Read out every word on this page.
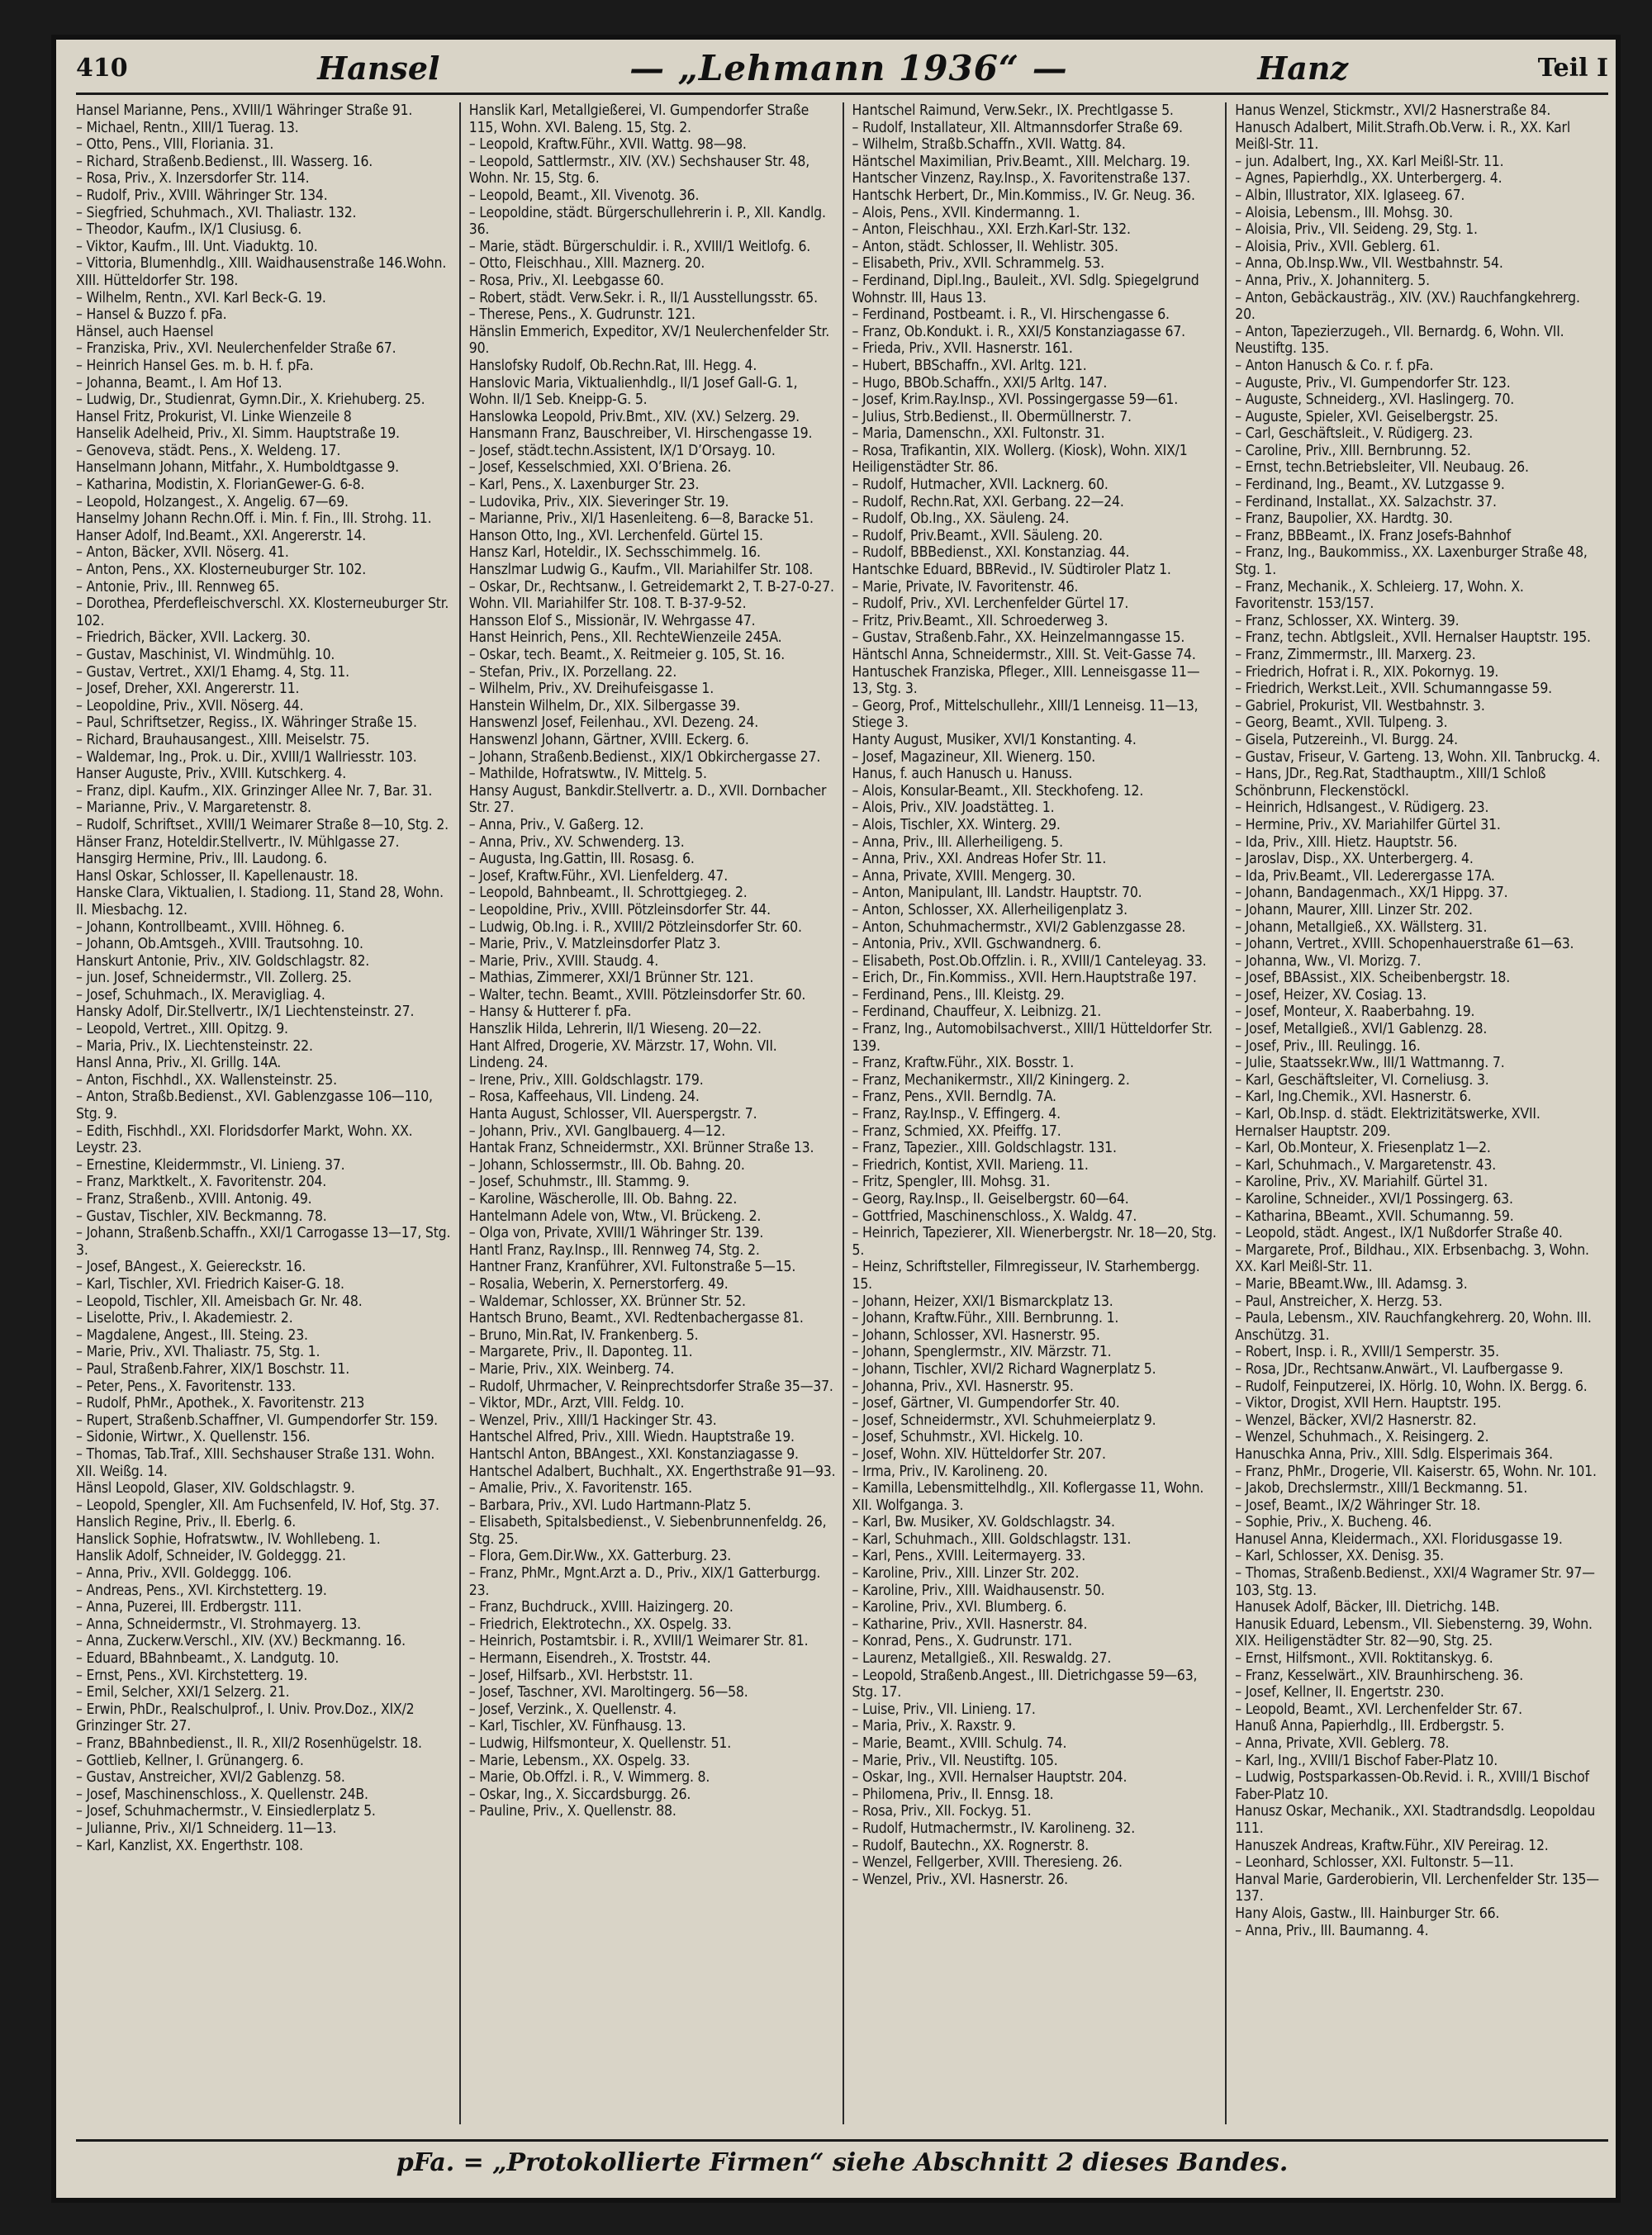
410	Hansel	— „Lehmann 1936“ —	Hanz	Teil I

Hansel Marianne, Pens., XVIII/1 Währinger Straße 91.

– Michael, Rentn., XIII/1 Tuerag. 13.

– Otto, Pens., VIII, Floriania. 31.

– Richard, Straßenb.Bedienst., III. Wasserg. 16.

– Rosa, Priv., X. Inzersdorfer Str. 114.

– Rudolf, Priv., XVIII. Währinger Str. 134.

– Siegfried, Schuhmach., XVI. Thaliastr. 132.

– Theodor, Kaufm., IX/1 Clusiusg. 6.

– Viktor, Kaufm., III. Unt. Viaduktg. 10.

– Vittoria, Blumenhdlg., XIII. Waidhausenstraße 146.Wohn. XIII. Hütteldorfer Str. 198.

– Wilhelm, Rentn., XVI. Karl Beck-G. 19.

– Hansel & Buzzo f. pFa.

Hänsel, auch Haensel

– Franziska, Priv., XVI. Neulerchenfelder Straße 67.

– Heinrich Hansel Ges. m. b. H. f. pFa.

– Johanna, Beamt., I. Am Hof 13.

– Ludwig, Dr., Studienrat, Gymn.Dir., X. Kriehuberg. 25.

Hansel Fritz, Prokurist, VI. Linke Wienzeile 8

Hanselik Adelheid, Priv., XI. Simm. Hauptstraße 19.

– Genoveva, städt. Pens., X. Weldeng. 17.

Hanselmann Johann, Mitfahr., X. Humboldtgasse 9.

– Katharina, Modistin, X. FlorianGewer-G. 6-8.

– Leopold, Holzangest., X. Angelig. 67—69.

Hanselmy Johann Rechn.Off. i. Min. f. Fin., III. Strohg. 11.

Hanser Adolf, Ind.Beamt., XXI. Angererstr. 14.

– Anton, Bäcker, XVII. Nöserg. 41.

– Anton, Pens., XX. Klosterneuburger Str. 102.

– Antonie, Priv., III. Rennweg 65.

– Dorothea, Pferdefleischverschl. XX. Klosterneuburger Str. 102.

– Friedrich, Bäcker, XVII. Lackerg. 30.

– Gustav, Maschinist, VI. Windmühlg. 10.

– Gustav, Vertret., XXI/1 Ehamg. 4, Stg. 11.

– Josef, Dreher, XXI. Angererstr. 11.

– Leopoldine, Priv., XVII. Nöserg. 44.

– Paul, Schriftsetzer, Regiss., IX. Währinger Straße 15.

– Richard, Brauhausangest., XIII. Meiselstr. 75.

– Waldemar, Ing., Prok. u. Dir., XVIII/1 Wallriesstr. 103.

Hanser Auguste, Priv., XVIII. Kutschkerg. 4.

– Franz, dipl. Kaufm., XIX. Grinzinger Allee Nr. 7, Bar. 31.

– Marianne, Priv., V. Margaretenstr. 8.

– Rudolf, Schriftset., XVIII/1 Weimarer Straße 8—10, Stg. 2.

Hänser Franz, Hoteldir.Stellvertr., IV. Mühlgasse 27.

Hansgirg Hermine, Priv., III. Laudong. 6.

Hansl Oskar, Schlosser, II. Kapellenaustr. 18.

Hanske Clara, Viktualien, I. Stadiong. 11, Stand 28, Wohn. II. Miesbachg. 12.

– Johann, Kontrollbeamt., XVIII. Höhneg. 6.

– Johann, Ob.Amtsgeh., XVIII. Trautsohng. 10.

Hanskurt Antonie, Priv., XIV. Goldschlagstr. 82.

– jun. Josef, Schneidermstr., VII. Zollerg. 25.

– Josef, Schuhmach., IX. Meravigliag. 4.

Hansky Adolf, Dir.Stellvertr., IX/1 Liechtensteinstr. 27.

– Leopold, Vertret., XIII. Opitzg. 9.

– Maria, Priv., IX. Liechtensteinstr. 22.

Hansl Anna, Priv., XI. Grillg. 14A.

– Anton, Fischhdl., XX. Wallensteinstr. 25.

– Anton, Straßb.Bedienst., XVI. Gablenzgasse 106—110, Stg. 9.

– Edith, Fischhdl., XXI. Floridsdorfer Markt, Wohn. XX. Leystr. 23.

– Ernestine, Kleidermmstr., VI. Linieng. 37.

– Franz, Marktkelt., X. Favoritenstr. 204.

– Franz, Straßenb., XVIII. Antonig. 49.

– Gustav, Tischler, XIV. Beckmanng. 78.

– Johann, Straßenb.Schaffn., XXI/1 Carrogasse 13—17, Stg. 3.

– Josef, BAngest., X. Geiereckstr. 16.

– Karl, Tischler, XVI. Friedrich Kaiser-G. 18.

– Leopold, Tischler, XII. Ameisbach Gr. Nr. 48.

– Liselotte, Priv., I. Akademiestr. 2.

– Magdalene, Angest., III. Steing. 23.

– Marie, Priv., XVI. Thaliastr. 75, Stg. 1.

– Paul, Straßenb.Fahrer, XIX/1 Boschstr. 11.

– Peter, Pens., X. Favoritenstr. 133.

– Rudolf, PhMr., Apothek., X. Favoritenstr. 213

– Rupert, Straßenb.Schaffner, VI. Gumpendorfer Str. 159.

– Sidonie, Wirtwr., X. Quellenstr. 156.

– Thomas, Tab.Traf., XIII. Sechshauser Straße 131. Wohn. XII. Weißg. 14.

Hänsl Leopold, Glaser, XIV. Goldschlagstr. 9.

– Leopold, Spengler, XII. Am Fuchsenfeld, IV. Hof, Stg. 37.

Hanslich Regine, Priv., II. Eberlg. 6.

Hanslick Sophie, Hofratswtw., IV. Wohllebeng. 1.

Hanslik Adolf, Schneider, IV. Goldeggg. 21.

– Anna, Priv., XVII. Goldeggg. 106.

– Andreas, Pens., XVI. Kirchstetterg. 19.

– Anna, Puzerei, III. Erdbergstr. 111.

– Anna, Schneidermstr., VI. Strohmayerg. 13.

– Anna, Zuckerw.Verschl., XIV. (XV.) Beckmanng. 16.

– Eduard, BBahnbeamt., X. Landgutg. 10.

– Ernst, Pens., XVI. Kirchstetterg. 19.

– Emil, Selcher, XXI/1 Selzerg. 21.

– Erwin, PhDr., Realschulprof., I. Univ. Prov.Doz., XIX/2 Grinzinger Str. 27.

– Franz, BBahnbedienst., II. R., XII/2 Rosenhügelstr. 18.

– Gottlieb, Kellner, I. Grünangerg. 6.

– Gustav, Anstreicher, XVI/2 Gablenzg. 58.

– Josef, Maschinenschloss., X. Quellenstr. 24B.

– Josef, Schuhmachermstr., V. Einsiedlerplatz 5.

– Julianne, Priv., XI/1 Schneiderg. 11—13.

– Karl, Kanzlist, XX. Engerthstr. 108.

Hanslik Karl, Metallgießerei, VI. Gumpendorfer Straße 115, Wohn. XVI. Baleng. 15, Stg. 2.

– Leopold, Kraftw.Führ., XVII. Wattg. 98—98.

– Leopold, Sattlermstr., XIV. (XV.) Sechshauser Str. 48, Wohn. Nr. 15, Stg. 6.

– Leopold, Beamt., XII. Vivenotg. 36.

– Leopoldine, städt. Bürgerschullehrerin i. P., XII. Kandlg. 36.

– Marie, städt. Bürgerschuldir. i. R., XVIII/1 Weitlofg. 6.

– Otto, Fleischhau., XIII. Maznerg. 20.

– Rosa, Priv., XI. Leebgasse 60.

– Robert, städt. Verw.Sekr. i. R., II/1 Ausstellungsstr. 65.

– Therese, Pens., X. Gudrunstr. 121.

Hänslin Emmerich, Expeditor, XV/1 Neulerchenfelder Str. 90.

Hanslofsky Rudolf, Ob.Rechn.Rat, III. Hegg. 4.

Hanslovic Maria, Viktualienhdlg., II/1 Josef Gall-G. 1, Wohn. II/1 Seb. Kneipp-G. 5.

Hanslowka Leopold, Priv.Bmt., XIV. (XV.) Selzerg. 29.

Hansmann Franz, Bauschreiber, VI. Hirschengasse 19.

– Josef, städt.techn.Assistent, IX/1 D’Orsayg. 10.

– Josef, Kesselschmied, XXI. O’Briena. 26.

– Karl, Pens., X. Laxenburger Str. 23.

– Ludovika, Priv., XIX. Sieveringer Str. 19.

– Marianne, Priv., XI/1 Hasenleiteng. 6—8, Baracke 51.

Hanson Otto, Ing., XVI. Lerchenfeld. Gürtel 15.

Hansz Karl, Hoteldir., IX. Sechsschimmelg. 16.

Hanszlmar Ludwig G., Kaufm., VII. Mariahilfer Str. 108.

– Oskar, Dr., Rechtsanw., I. Getreidemarkt 2, T. B-27-0-27. Wohn. VII. Mariahilfer Str. 108. T. B-37-9-52.

Hansson Elof S., Missionär, IV. Wehrgasse 47.

Hanst Heinrich, Pens., XII. RechteWienzeile 245A.

– Oskar, tech. Beamt., X. Reitmeier g. 105, St. 16.

– Stefan, Priv., IX. Porzellang. 22.

– Wilhelm, Priv., XV. Dreihufeisgasse 1.

Hanstein Wilhelm, Dr., XIX. Silbergasse 39.

Hanswenzl Josef, Feilenhau., XVI. Dezeng. 24.

Hanswenzl Johann, Gärtner, XVIII. Eckerg. 6.

– Johann, Straßenb.Bedienst., XIX/1 Obkirchergasse 27.

– Mathilde, Hofratswtw., IV. Mittelg. 5.

Hansy August, Bankdir.Stellvertr. a. D., XVII. Dornbacher Str. 27.

– Anna, Priv., V. Gaßerg. 12.

– Anna, Priv., XV. Schwenderg. 13.

– Augusta, Ing.Gattin, III. Rosasg. 6.

– Josef, Kraftw.Führ., XVI. Lienfelderg. 47.

– Leopold, Bahnbeamt., II. Schrottgiegeg. 2.

– Leopoldine, Priv., XVIII. Pötzleinsdorfer Str. 44.

– Ludwig, Ob.Ing. i. R., XVIII/2 Pötzleinsdorfer Str. 60.

– Marie, Priv., V. Matzleinsdorfer Platz 3.

– Marie, Priv., XVIII. Staudg. 4.

– Mathias, Zimmerer, XXI/1 Brünner Str. 121.

– Walter, techn. Beamt., XVIII. Pötzleinsdorfer Str. 60.

– Hansy & Hutterer f. pFa.

Hanszlik Hilda, Lehrerin, II/1 Wieseng. 20—22.

Hant Alfred, Drogerie, XV. Märzstr. 17, Wohn. VII. Lindeng. 24.

– Irene, Priv., XIII. Goldschlagstr. 179.

– Rosa, Kaffeehaus, VII. Lindeng. 24.

Hanta August, Schlosser, VII. Auerspergstr. 7.

– Johann, Priv., XVI. Ganglbauerg. 4—12.

Hantak Franz, Schneidermstr., XXI. Brünner Straße 13.

– Johann, Schlossermstr., III. Ob. Bahng. 20.

– Josef, Schuhmstr., III. Stammg. 9.

– Karoline, Wäscherolle, III. Ob. Bahng. 22.

Hantelmann Adele von, Wtw., VI. Brückeng. 2.

– Olga von, Private, XVIII/1 Währinger Str. 139.

Hantl Franz, Ray.Insp., III. Rennweg 74, Stg. 2.

Hantner Franz, Kranführer, XVI. Fultonstraße 5—15.

– Rosalia, Weberin, X. Pernerstorferg. 49.

– Waldemar, Schlosser, XX. Brünner Str. 52.

Hantsch Bruno, Beamt., XVI. Redtenbachergasse 81.

– Bruno, Min.Rat, IV. Frankenberg. 5.

– Margarete, Priv., II. Daponteg. 11.

– Marie, Priv., XIX. Weinberg. 74.

– Rudolf, Uhrmacher, V. Reinprechtsdorfer Straße 35—37.

– Viktor, MDr., Arzt, VIII. Feldg. 10.

– Wenzel, Priv., XIII/1 Hackinger Str. 43.

Hantschel Alfred, Priv., XIII. Wiedn. Hauptstraße 19.

Hantschl Anton, BBAngest., XXI. Konstanziagasse 9.

Hantschel Adalbert, Buchhalt., XX. Engerthstraße 91—93.

– Amalie, Priv., X. Favoritenstr. 165.

– Barbara, Priv., XVI. Ludo Hartmann-Platz 5.

– Elisabeth, Spitalsbedienst., V. Siebenbrunnenfeldg. 26, Stg. 25.

– Flora, Gem.Dir.Ww., XX. Gatterburg. 23.

– Franz, PhMr., Mgnt.Arzt a. D., Priv., XIX/1 Gatterburgg. 23.

– Franz, Buchdruck., XVIII. Haizingerg. 20.

– Friedrich, Elektrotechn., XX. Ospelg. 33.

– Heinrich, Postamtsbir. i. R., XVIII/1 Weimarer Str. 81.

– Hermann, Eisendreh., X. Troststr. 44.

– Josef, Hilfsarb., XVI. Herbststr. 11.

– Josef, Taschner, XVI. Maroltingerg. 56—58.

– Josef, Verzink., X. Quellenstr. 4.

– Karl, Tischler, XV. Fünfhausg. 13.

– Ludwig, Hilfsmonteur, X. Quellenstr. 51.

– Marie, Lebensm., XX. Ospelg. 33.

– Marie, Ob.Offzl. i. R., V. Wimmerg. 8.

– Oskar, Ing., X. Siccardsburgg. 26.

– Pauline, Priv., X. Quellenstr. 88.

Hantschel Raimund, Verw.Sekr., IX. Prechtlgasse 5.

– Rudolf, Installateur, XII. Altmannsdorfer Straße 69.

– Wilhelm, Straßb.Schaffn., XVII. Wattg. 84.

Häntschel Maximilian, Priv.Beamt., XIII. Melcharg. 19.

Hantscher Vinzenz, Ray.Insp., X. Favoritenstraße 137.

Hantschk Herbert, Dr., Min.Kommiss., IV. Gr. Neug. 36.

– Alois, Pens., XVII. Kindermanng. 1.

– Anton, Fleischhau., XXI. Erzh.Karl-Str. 132.

– Anton, städt. Schlosser, II. Wehlistr. 305.

– Elisabeth, Priv., XVII. Schrammelg. 53.

– Ferdinand, Dipl.Ing., Bauleit., XVI. Sdlg. Spiegelgrund Wohnstr. III, Haus 13.

– Ferdinand, Postbeamt. i. R., VI. Hirschengasse 6.

– Franz, Ob.Kondukt. i. R., XXI/5 Konstanziagasse 67.

– Frieda, Priv., XVII. Hasnerstr. 161.

– Hubert, BBSchaffn., XVI. Arltg. 121.

– Hugo, BBOb.Schaffn., XXI/5 Arltg. 147.

– Josef, Krim.Ray.Insp., XVI. Possingergasse 59—61.

– Julius, Strb.Bedienst., II. Obermüllnerstr. 7.

– Maria, Damenschn., XXI. Fultonstr. 31.

– Rosa, Trafikantin, XIX. Wollerg. (Kiosk), Wohn. XIX/1 Heiligenstädter Str. 86.

– Rudolf, Hutmacher, XVII. Lacknerg. 60.

– Rudolf, Rechn.Rat, XXI. Gerbang. 22—24.

– Rudolf, Ob.Ing., XX. Säuleng. 24.

– Rudolf, Priv.Beamt., XVII. Säuleng. 20.

– Rudolf, BBBedienst., XXI. Konstanziag. 44.

Hantschke Eduard, BBRevid., IV. Südtiroler Platz 1.

– Marie, Private, IV. Favoritenstr. 46.

– Rudolf, Priv., XVI. Lerchenfelder Gürtel 17.

– Fritz, Priv.Beamt., XII. Schroederweg 3.

– Gustav, Straßenb.Fahr., XX. Heinzelmanngasse 15.

Häntschl Anna, Schneidermstr., XIII. St. Veit-Gasse 74.

Hantuschek Franziska, Pfleger., XIII. Lenneisgasse 11—13, Stg. 3.

– Georg, Prof., Mittelschullehr., XIII/1 Lenneisg. 11—13, Stiege 3.

Hanty August, Musiker, XVI/1 Konstanting. 4.

– Josef, Magazineur, XII. Wienerg. 150.

Hanus, f. auch Hanusch u. Hanuss.

– Alois, Konsular-Beamt., XII. Steckhofeng. 12.

– Alois, Priv., XIV. Joadstätteg. 1.

– Alois, Tischler, XX. Winterg. 29.

– Anna, Priv., III. Allerheiligeng. 5.

– Anna, Priv., XXI. Andreas Hofer Str. 11.

– Anna, Private, XVIII. Mengerg. 30.

– Anton, Manipulant, III. Landstr. Hauptstr. 70.

– Anton, Schlosser, XX. Allerheiligenplatz 3.

– Anton, Schuhmachermstr., XVI/2 Gablenzgasse 28.

– Antonia, Priv., XVII. Gschwandnerg. 6.

– Elisabeth, Post.Ob.Offzlin. i. R., XVIII/1 Canteleyag. 33.

– Erich, Dr., Fin.Kommiss., XVII. Hern.Hauptstraße 197.

– Ferdinand, Pens., III. Kleistg. 29.

– Ferdinand, Chauffeur, X. Leibnizg. 21.

– Franz, Ing., Automobilsachverst., XIII/1 Hütteldorfer Str. 139.

– Franz, Kraftw.Führ., XIX. Bosstr. 1.

– Franz, Mechanikermstr., XII/2 Kiningerg. 2.

– Franz, Pens., XVII. Berndlg. 7A.

– Franz, Ray.Insp., V. Effingerg. 4.

– Franz, Schmied, XX. Pfeiffg. 17.

– Franz, Tapezier., XIII. Goldschlagstr. 131.

– Friedrich, Kontist, XVII. Marieng. 11.

– Fritz, Spengler, III. Mohsg. 31.

– Georg, Ray.Insp., II. Geiselbergstr. 60—64.

– Gottfried, Maschinenschloss., X. Waldg. 47.

– Heinrich, Tapezierer, XII. Wienerbergstr. Nr. 18—20, Stg. 5.

– Heinz, Schriftsteller, Filmregisseur, IV. Starhembergg. 15.

– Johann, Heizer, XXI/1 Bismarckplatz 13.

– Johann, Kraftw.Führ., XIII. Bernbrunng. 1.

– Johann, Schlosser, XVI. Hasnerstr. 95.

– Johann, Spenglermstr., XIV. Märzstr. 71.

– Johann, Tischler, XVI/2 Richard Wagnerplatz 5.

– Johanna, Priv., XVI. Hasnerstr. 95.

– Josef, Gärtner, VI. Gumpendorfer Str. 40.

– Josef, Schneidermstr., XVI. Schuhmeierplatz 9.

– Josef, Schuhmstr., XVI. Hickelg. 10.

– Josef, Wohn. XIV. Hütteldorfer Str. 207.

– Irma, Priv., IV. Karolineng. 20.

– Kamilla, Lebensmittelhdlg., XII. Koflergasse 11, Wohn. XII. Wolfganga. 3.

– Karl, Bw. Musiker, XV. Goldschlagstr. 34.

– Karl, Schuhmach., XIII. Goldschlagstr. 131.

– Karl, Pens., XVIII. Leitermayerg. 33.

– Karoline, Priv., XIII. Linzer Str. 202.

– Karoline, Priv., XIII. Waidhausenstr. 50.

– Karoline, Priv., XVI. Blumberg. 6.

– Katharine, Priv., XVII. Hasnerstr. 84.

– Konrad, Pens., X. Gudrunstr. 171.

– Laurenz, Metallgieß., XII. Reswaldg. 27.

– Leopold, Straßenb.Angest., III. Dietrichgasse 59—63, Stg. 17.

– Luise, Priv., VII. Linieng. 17.

– Maria, Priv., X. Raxstr. 9.

– Marie, Beamt., XVIII. Schulg. 74.

– Marie, Priv., VII. Neustiftg. 105.

– Oskar, Ing., XVII. Hernalser Hauptstr. 204.

– Philomena, Priv., II. Ennsg. 18.

– Rosa, Priv., XII. Fockyg. 51.

– Rudolf, Hutmachermstr., IV. Karolineng. 32.

– Rudolf, Bautechn., XX. Rognerstr. 8.

– Wenzel, Fellgerber, XVIII. Theresieng. 26.

– Wenzel, Priv., XVI. Hasnerstr. 26.

Hanus Wenzel, Stickmstr., XVI/2 Hasnerstraße 84.

Hanusch Adalbert, Milit.Strafh.Ob.Verw. i. R., XX. Karl Meißl-Str. 11.

– jun. Adalbert, Ing., XX. Karl Meißl-Str. 11.

– Agnes, Papierhdlg., XX. Unterbergerg. 4.

– Albin, Illustrator, XIX. Iglaseeg. 67.

– Aloisia, Lebensm., III. Mohsg. 30.

– Aloisia, Priv., VII. Seideng. 29, Stg. 1.

– Aloisia, Priv., XVII. Geblerg. 61.

– Anna, Ob.Insp.Ww., VII. Westbahnstr. 54.

– Anna, Priv., X. Johanniterg. 5.

– Anton, Gebäckausträg., XIV. (XV.) Rauchfangkehrerg. 20.

– Anton, Tapezierzugeh., VII. Bernardg. 6, Wohn. VII. Neustiftg. 135.

– Anton Hanusch & Co. r. f. pFa.

– Auguste, Priv., VI. Gumpendorfer Str. 123.

– Auguste, Schneiderg., XVI. Haslingerg. 70.

– Auguste, Spieler, XVI. Geiselbergstr. 25.

– Carl, Geschäftsleit., V. Rüdigerg. 23.

– Caroline, Priv., XIII. Bernbrunng. 52.

– Ernst, techn.Betriebsleiter, VII. Neubaug. 26.

– Ferdinand, Ing., Beamt., XV. Lutzgasse 9.

– Ferdinand, Installat., XX. Salzachstr. 37.

– Franz, Baupolier, XX. Hardtg. 30.

– Franz, BBBeamt., IX. Franz Josefs-Bahnhof

– Franz, Ing., Baukommiss., XX. Laxenburger Straße 48, Stg. 1.

– Franz, Mechanik., X. Schleierg. 17, Wohn. X. Favoritenstr. 153/157.

– Franz, Schlosser, XX. Winterg. 39.

– Franz, techn. Abtlgsleit., XVII. Hernalser Hauptstr. 195.

– Franz, Zimmermstr., III. Marxerg. 23.

– Friedrich, Hofrat i. R., XIX. Pokornyg. 19.

– Friedrich, Werkst.Leit., XVII. Schumanngasse 59.

– Gabriel, Prokurist, VII. Westbahnstr. 3.

– Georg, Beamt., XVII. Tulpeng. 3.

– Gisela, Putzereinh., VI. Burgg. 24.

– Gustav, Friseur, V. Garteng. 13, Wohn. XII. Tanbruckg. 4.

– Hans, JDr., Reg.Rat, Stadthauptm., XIII/1 Schloß Schönbrunn, Fleckenstöckl.

– Heinrich, Hdlsangest., V. Rüdigerg. 23.

– Hermine, Priv., XV. Mariahilfer Gürtel 31.

– Ida, Priv., XIII. Hietz. Hauptstr. 56.

– Jaroslav, Disp., XX. Unterbergerg. 4.

– Ida, Priv.Beamt., VII. Lederergasse 17A.

– Johann, Bandagenmach., XX/1 Hippg. 37.

– Johann, Maurer, XIII. Linzer Str. 202.

– Johann, Metallgieß., XX. Wällsterg. 31.

– Johann, Vertret., XVIII. Schopenhauerstraße 61—63.

– Johanna, Ww., VI. Morizg. 7.

– Josef, BBAssist., XIX. Scheibenbergstr. 18.

– Josef, Heizer, XV. Cosiag. 13.

– Josef, Monteur, X. Raaberbahng. 19.

– Josef, Metallgieß., XVI/1 Gablenzg. 28.

– Josef, Priv., III. Reulingg. 16.

– Julie, Staatssekr.Ww., III/1 Wattmanng. 7.

– Karl, Geschäftsleiter, VI. Corneliusg. 3.

– Karl, Ing.Chemik., XVI. Hasnerstr. 6.

– Karl, Ob.Insp. d. städt. Elektrizitätswerke, XVII. Hernalser Hauptstr. 209.

– Karl, Ob.Monteur, X. Friesenplatz 1—2.

– Karl, Schuhmach., V. Margaretenstr. 43.

– Karoline, Priv., XV. Mariahilf. Gürtel 31.

– Karoline, Schneider., XVI/1 Possingerg. 63.

– Katharina, BBeamt., XVII. Schumanng. 59.

– Leopold, städt. Angest., IX/1 Nußdorfer Straße 40.

– Margarete, Prof., Bildhau., XIX. Erbsenbachg. 3, Wohn. XX. Karl Meißl-Str. 11.

– Marie, BBeamt.Ww., III. Adamsg. 3.

– Paul, Anstreicher, X. Herzg. 53.

– Paula, Lebensm., XIV. Rauchfangkehrerg. 20, Wohn. III. Anschützg. 31.

– Robert, Insp. i. R., XVIII/1 Semperstr. 35.

– Rosa, JDr., Rechtsanw.Anwärt., VI. Laufbergasse 9.

– Rudolf, Feinputzerei, IX. Hörlg. 10, Wohn. IX. Bergg. 6.

– Viktor, Drogist, XVII Hern. Hauptstr. 195.

– Wenzel, Bäcker, XVI/2 Hasnerstr. 82.

– Wenzel, Schuhmach., X. Reisingerg. 2.

Hanuschka Anna, Priv., XIII. Sdlg. Elsperimais 364.

– Franz, PhMr., Drogerie, VII. Kaiserstr. 65, Wohn. Nr. 101.

– Jakob, Drechslermstr., XIII/1 Beckmanng. 51.

– Josef, Beamt., IX/2 Währinger Str. 18.

– Sophie, Priv., X. Bucheng. 46.

Hanusel Anna, Kleidermach., XXI. Floridusgasse 19.

– Karl, Schlosser, XX. Denisg. 35.

– Thomas, Straßenb.Bedienst., XXI/4 Wagramer Str. 97—103, Stg. 13.

Hanusek Adolf, Bäcker, III. Dietrichg. 14B.

Hanusik Eduard, Lebensm., VII. Siebensterng. 39, Wohn. XIX. Heiligenstädter Str. 82—90, Stg. 25.

– Ernst, Hilfsmont., XVII. Roktitanskyg. 6.

– Franz, Kesselwärt., XIV. Braunhirscheng. 36.

– Josef, Kellner, II. Engertstr. 230.

– Leopold, Beamt., XVI. Lerchenfelder Str. 67.

Hanuß Anna, Papierhdlg., III. Erdbergstr. 5.

– Anna, Private, XVII. Geblerg. 78.

– Karl, Ing., XVIII/1 Bischof Faber-Platz 10.

– Ludwig, Postsparkassen-Ob.Revid. i. R., XVIII/1 Bischof Faber-Platz 10.

Hanusz Oskar, Mechanik., XXI. Stadtrandsdlg. Leopoldau 111.

Hanuszek Andreas, Kraftw.Führ., XIV Pereirag. 12.

– Leonhard, Schlosser, XXI. Fultonstr. 5—11.

Hanval Marie, Garderobierin, VII. Lerchenfelder Str. 135—137.

Hany Alois, Gastw., III. Hainburger Str. 66.

– Anna, Priv., III. Baumanng. 4.

pFa. = „Protokollierte Firmen“ siehe Abschnitt 2 dieses Bandes.
